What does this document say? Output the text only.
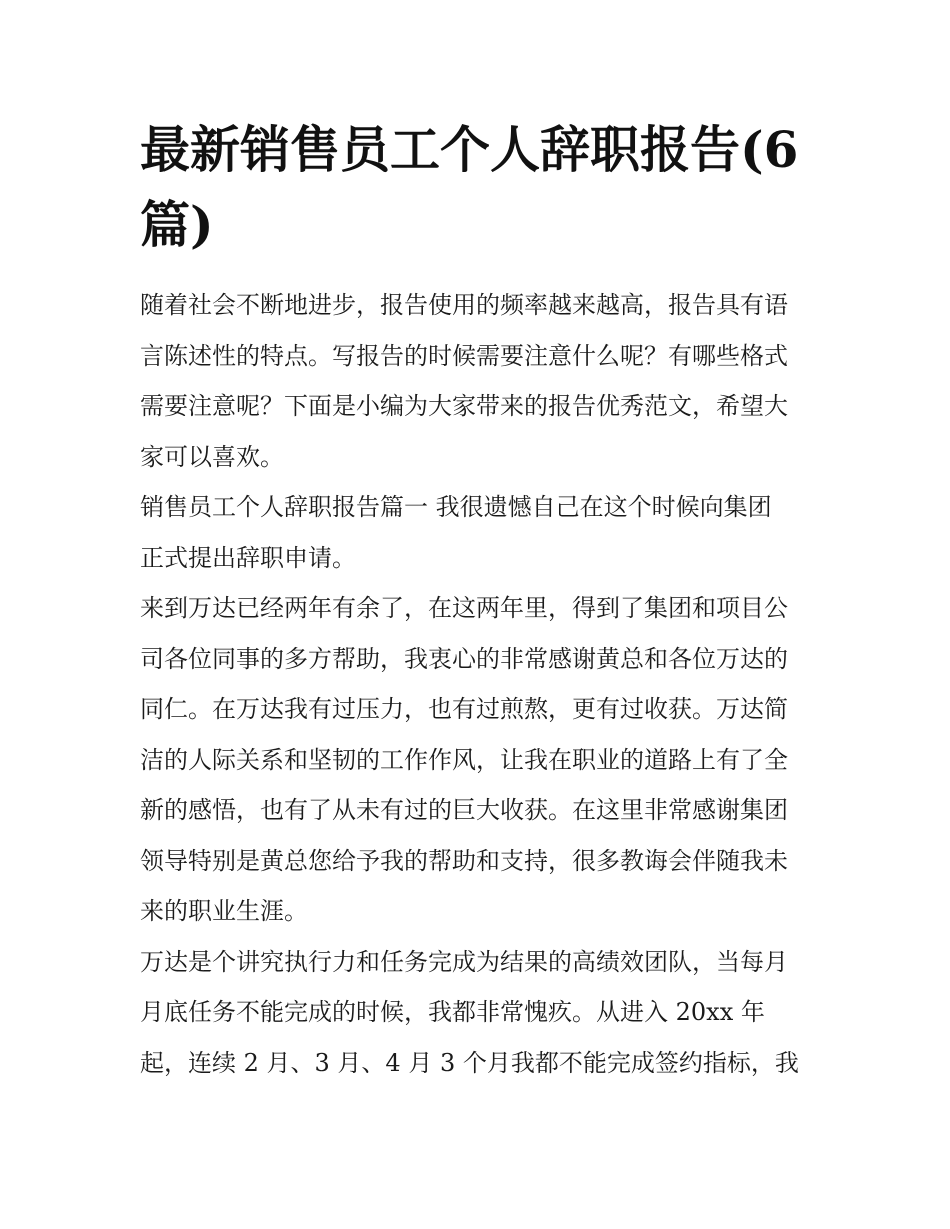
最新销售员工个人辞职报告(6
篇)

随着社会不断地进步，报告使用的频率越来越高，报告具有语
言陈述性的特点。写报告的时候需要注意什么呢？有哪些格式
需要注意呢？下面是小编为大家带来的报告优秀范文，希望大
家可以喜欢。

销售员工个人辞职报告篇一 我很遗憾自己在这个时候向集团
正式提出辞职申请。

来到万达已经两年有余了，在这两年里，得到了集团和项目公
司各位同事的多方帮助，我衷心的非常感谢黄总和各位万达的
同仁。在万达我有过压力，也有过煎熬，更有过收获。万达简
洁的人际关系和坚韧的工作作风，让我在职业的道路上有了全
新的感悟，也有了从未有过的巨大收获。在这里非常感谢集团
领导特别是黄总您给予我的帮助和支持，很多教诲会伴随我未
来的职业生涯。

万达是个讲究执行力和任务完成为结果的高绩效团队，当每月
月底任务不能完成的时候，我都非常愧疚。从进入 20xx 年
起，连续 2 月、3 月、4 月 3 个月我都不能完成签约指标，我
